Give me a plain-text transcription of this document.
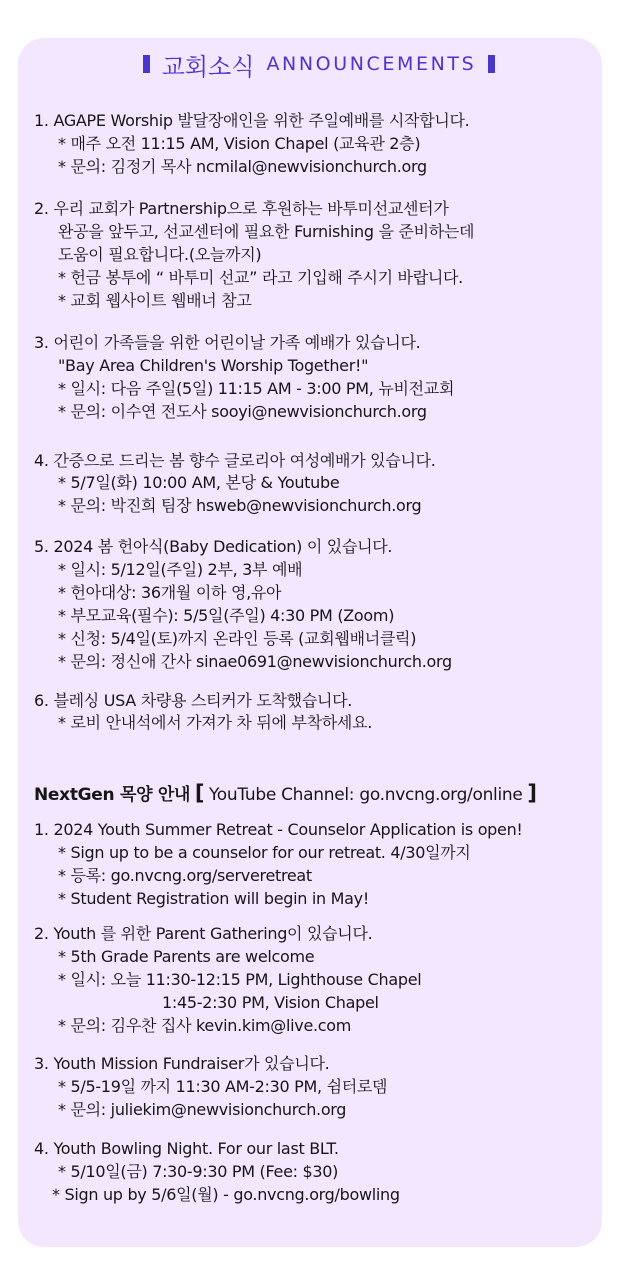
교회소식 ANNOUNCEMENTS
1. AGAPE Worship 발달장애인을 위한 주일예배를 시작합니다.
* 매주 오전 11:15 AM, Vision Chapel (교육관 2층)
* 문의: 김정기 목사 ncmilal@newvisionchurch.org
2. 우리 교회가 Partnership으로 후원하는 바투미선교센터가
완공을 앞두고, 선교센터에 필요한 Furnishing 을 준비하는데
도움이 필요합니다.(오늘까지)
* 헌금 봉투에 “ 바투미 선교” 라고 기입해 주시기 바랍니다.
* 교회 웹사이트 웹배너 참고
3. 어린이 가족들을 위한 어린이날 가족 예배가 있습니다.
"Bay Area Children's Worship Together!"
* 일시: 다음 주일(5일) 11:15 AM - 3:00 PM, 뉴비전교회
* 문의: 이수연 전도사 sooyi@newvisionchurch.org
4. 간증으로 드리는 봄 향수 글로리아 여성예배가 있습니다.
* 5/7일(화) 10:00 AM, 본당 & Youtube
* 문의: 박진희 팀장 hsweb@newvisionchurch.org
5. 2024 봄 헌아식(Baby Dedication) 이 있습니다.
* 일시: 5/12일(주일) 2부, 3부 예배
* 헌아대상: 36개월 이하 영,유아
* 부모교육(필수): 5/5일(주일) 4:30 PM (Zoom)
* 신청: 5/4일(토)까지 온라인 등록 (교회웹배너클릭)
* 문의: 정신애 간사 sinae0691@newvisionchurch.org
6. 블레싱 USA 차량용 스티커가 도착했습니다.
* 로비 안내석에서 가져가 차 뒤에 부착하세요.
NextGen 목양 안내 [ YouTube Channel: go.nvcng.org/online ]
1. 2024 Youth Summer Retreat - Counselor Application is open!
* Sign up to be a counselor for our retreat. 4/30일까지
* 등록: go.nvcng.org/serveretreat
* Student Registration will begin in May!
2. Youth 를 위한 Parent Gathering이 있습니다.
* 5th Grade Parents are welcome
* 일시: 오늘 11:30-12:15 PM, Lighthouse Chapel
1:45-2:30 PM, Vision Chapel
* 문의: 김우찬 집사 kevin.kim@live.com
3. Youth Mission Fundraiser가 있습니다.
* 5/5-19일 까지 11:30 AM-2:30 PM, 쉼터로뎀
* 문의: juliekim@newvisionchurch.org
4. Youth Bowling Night. For our last BLT.
* 5/10일(금) 7:30-9:30 PM (Fee: $30)
* Sign up by 5/6일(월) - go.nvcng.org/bowling
